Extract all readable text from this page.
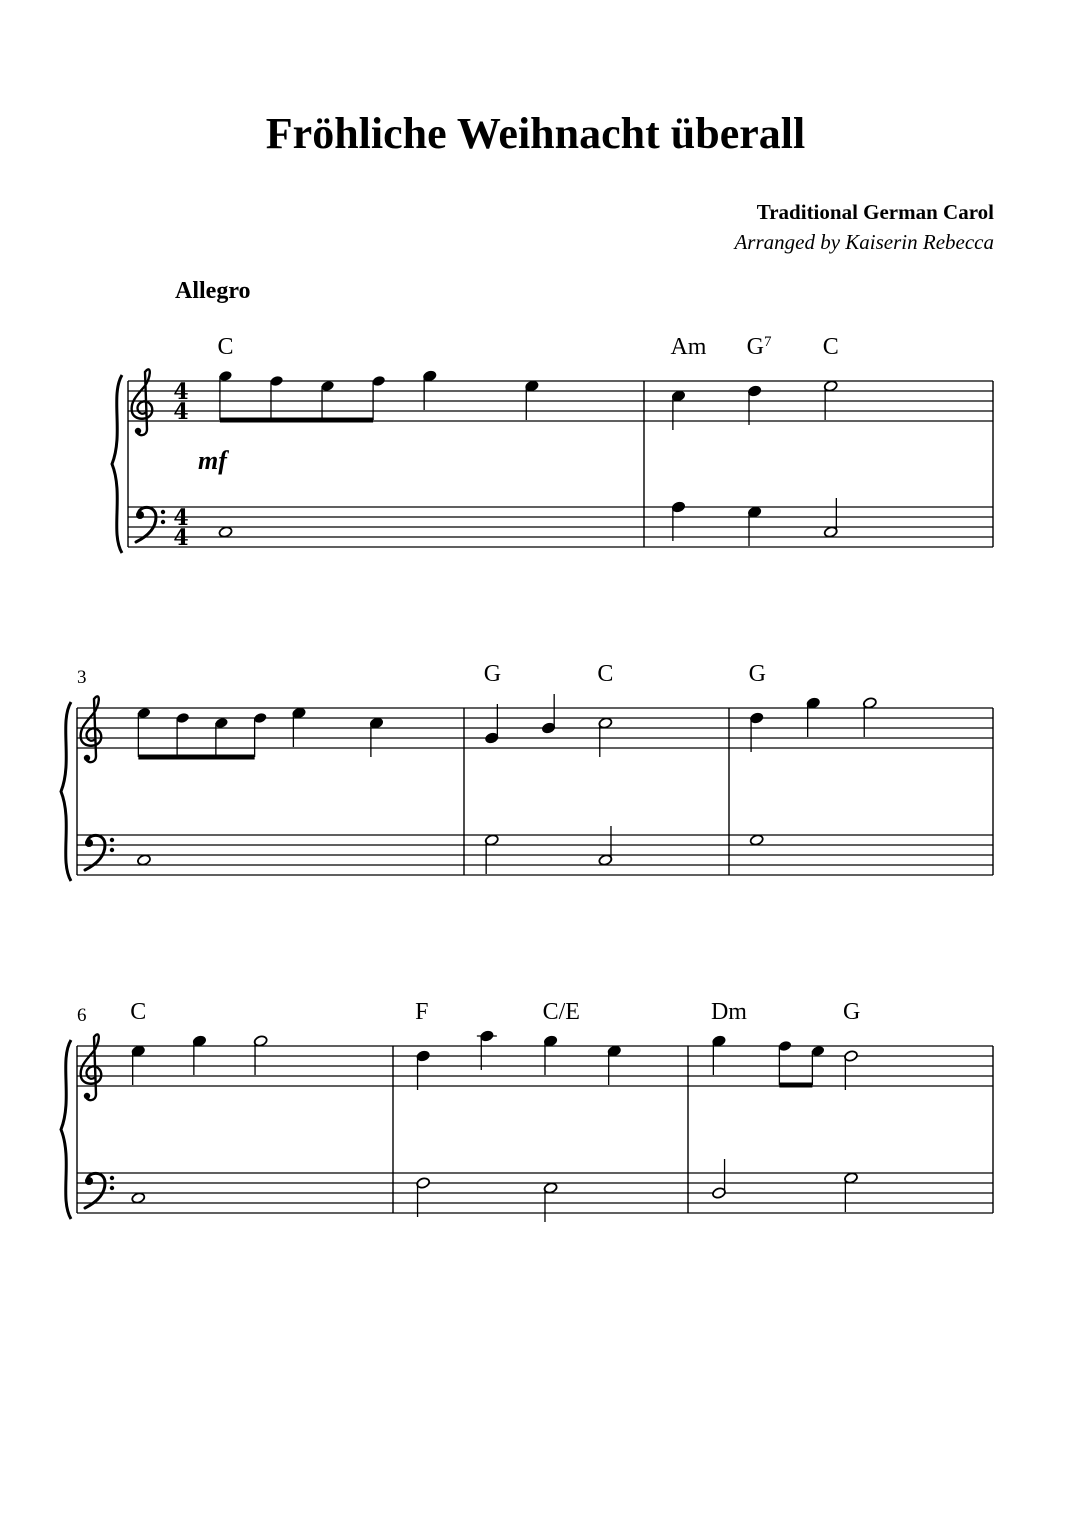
Fröhliche Weihnacht überall
Traditional German Carol
Arranged by Kaiserin Rebecca
Allegro
4
4
4
4
mf
C	Am $G^7$ C
3	G	C	G
6 C	F	C/E	Dm	G
